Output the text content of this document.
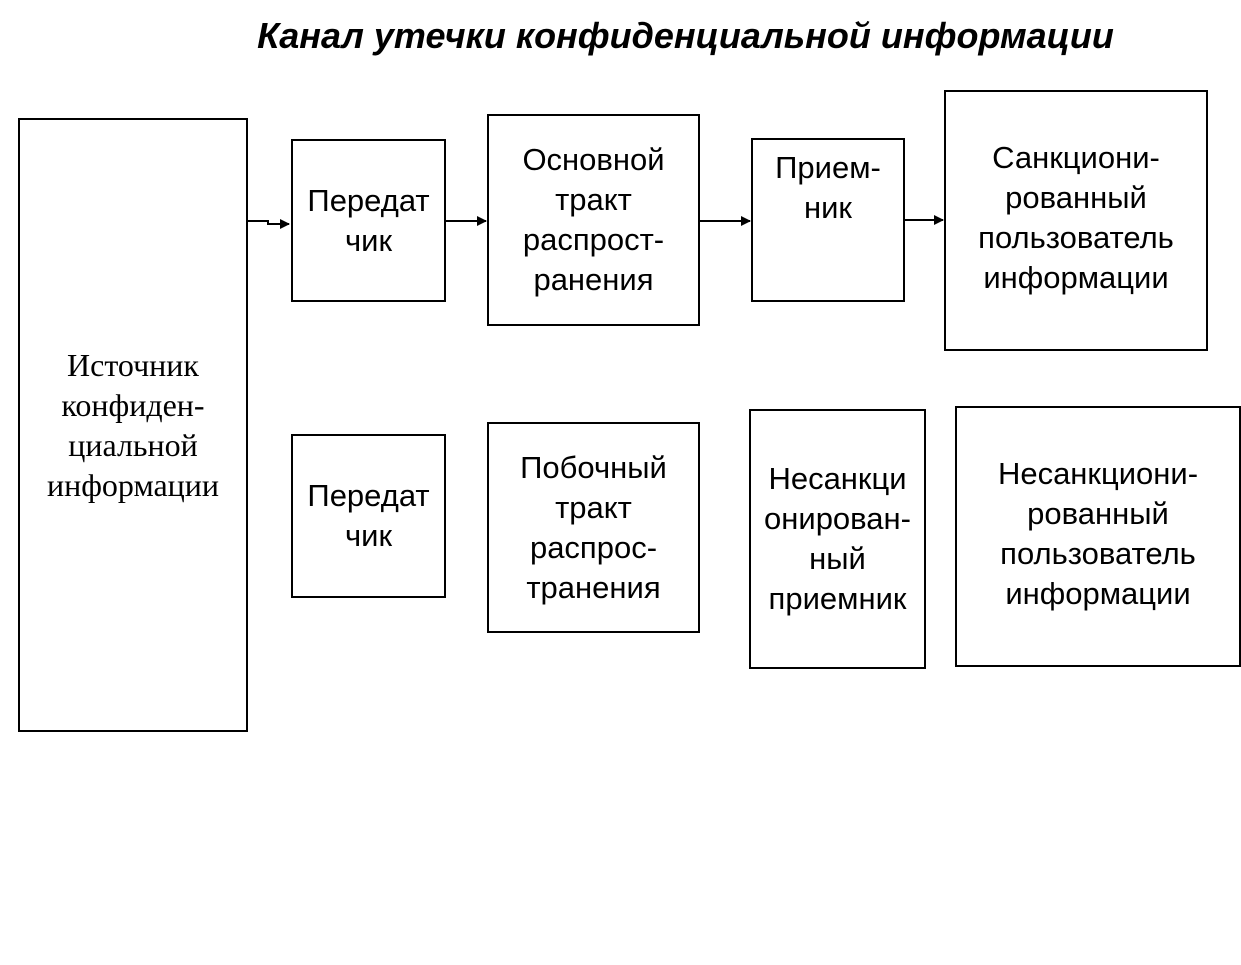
Канал утечки конфиденциальной информации
Источник
конфиден-
циальной
информации
Передат
чик
Основной
тракт
распрост-
ранения
Прием-
ник
Санкциони-
рованный
пользователь
информации
Передат
чик
Побочный
тракт
распрос-
транения
Несанкци
онирован-
ный
приемник
Несанкциони-
рованный
пользователь
информации
